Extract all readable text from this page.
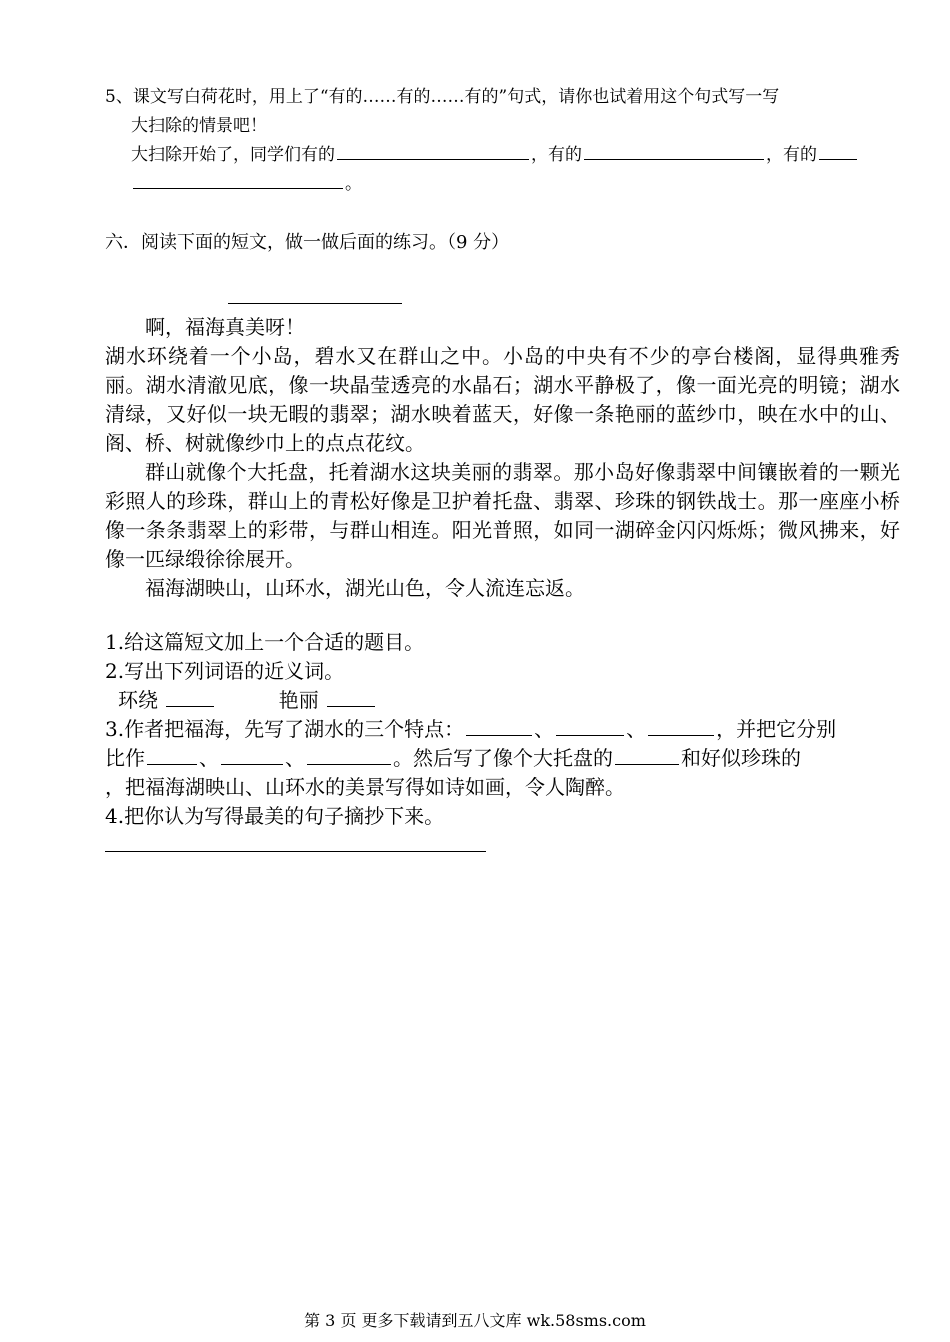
5、课文写白荷花时，用上了“有的……有的……有的”句式，请你也试着用这个句式写一写
大扫除的情景吧！
大扫除开始了，同学们有的	，有的	，有的
。
六．阅读下面的短文，做一做后面的练习。（9 分）

啊，福海真美呀！

湖水环绕着一个小岛，碧水又在群山之中。小岛的中央有不少的亭台楼阁，显得典雅秀丽。湖水清澈见底，像一块晶莹透亮的水晶石；湖水平静极了，像一面光亮的明镜；湖水清绿，又好似一块无暇的翡翠；湖水映着蓝天，好像一条艳丽的蓝纱巾，映在水中的山、阁、桥、树就像纱巾上的点点花纹。

群山就像个大托盘，托着湖水这块美丽的翡翠。那小岛好像翡翠中间镶嵌着的一颗光彩照人的珍珠，群山上的青松好像是卫护着托盘、翡翠、珍珠的钢铁战士。那一座座小桥像一条条翡翠上的彩带，与群山相连。阳光普照，如同一湖碎金闪闪烁烁；微风拂来，好像一匹绿缎徐徐展开。

福海湖映山，山环水，湖光山色，令人流连忘返。

1.给这篇短文加上一个合适的题目。
2.写出下列词语的近义词。
环绕	艳丽
3.作者把福海，先写了湖水的三个特点：	、	、	，并把它分别
比作	、	、	。然后写了像个大托盘的	和好似珍珠的
，把福海湖映山、山环水的美景写得如诗如画，令人陶醉。
4.把你认为写得最美的句子摘抄下来。
第 3 页 更多下载请到五八文库 wk.58sms.com
